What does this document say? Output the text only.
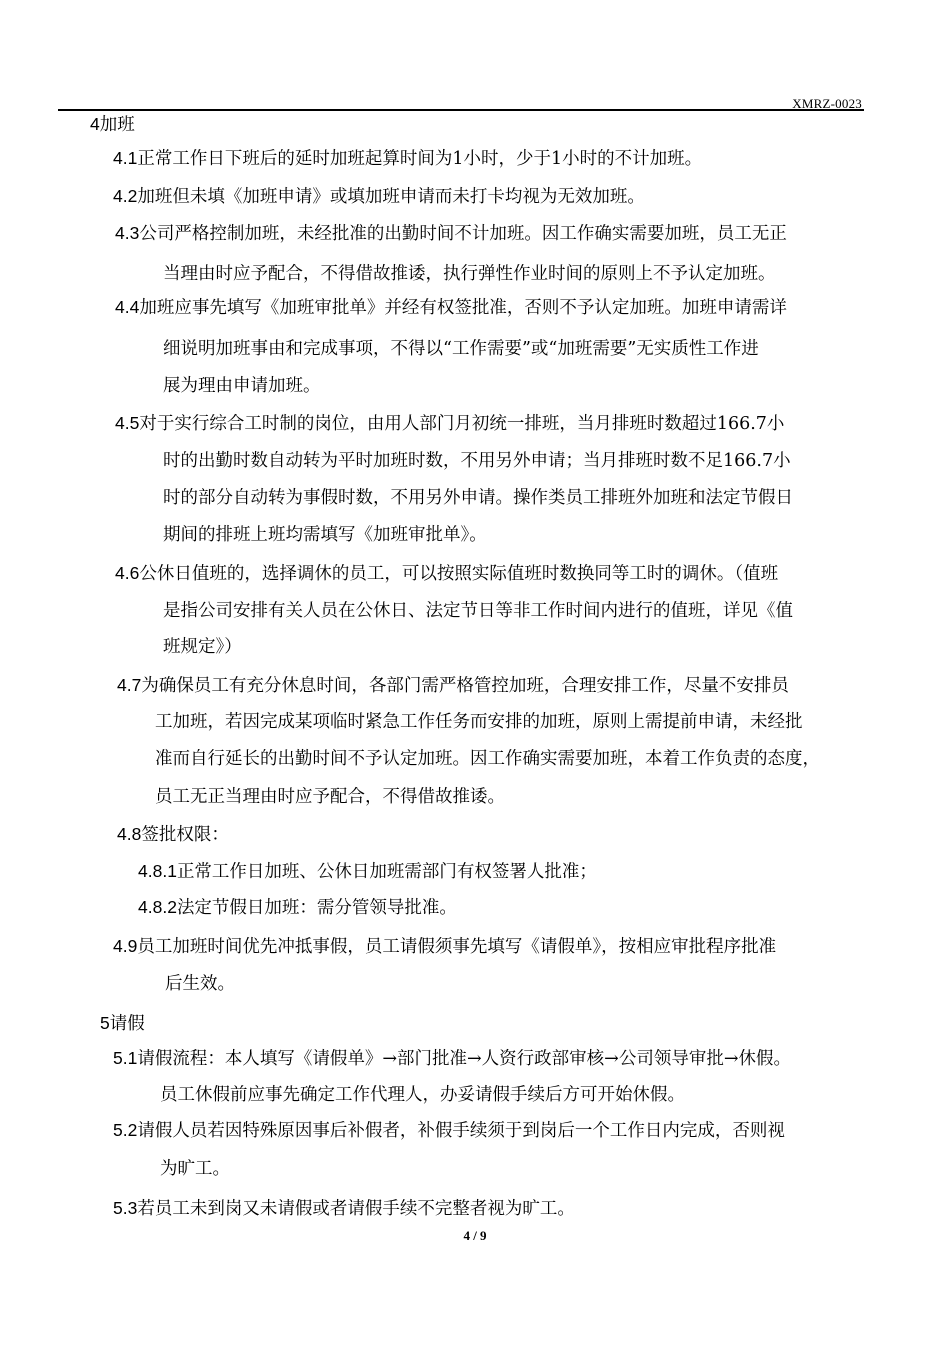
XMRZ-0023
4加班
4.1正常工作日下班后的延时加班起算时间为1小时，少于1小时的不计加班。
4.2加班但未填《加班申请》或填加班申请而未打卡均视为无效加班。
4.3公司严格控制加班，未经批准的出勤时间不计加班。因工作确实需要加班，员工无正
当理由时应予配合，不得借故推诿，执行弹性作业时间的原则上不予认定加班。
4.4加班应事先填写《加班审批单》并经有权签批准，否则不予认定加班。加班申请需详
细说明加班事由和完成事项，不得以“工作需要”或“加班需要”无实质性工作进
展为理由申请加班。
4.5对于实行综合工时制的岗位，由用人部门月初统一排班，当月排班时数超过166.7小
时的出勤时数自动转为平时加班时数，不用另外申请；当月排班时数不足166.7小
时的部分自动转为事假时数，不用另外申请。操作类员工排班外加班和法定节假日
期间的排班上班均需填写《加班审批单》。
4.6公休日值班的，选择调休的员工，可以按照实际值班时数换同等工时的调休。（值班
是指公司安排有关人员在公休日、法定节日等非工作时间内进行的值班，详见《值
班规定》）
4.7为确保员工有充分休息时间，各部门需严格管控加班，合理安排工作，尽量不安排员
工加班，若因完成某项临时紧急工作任务而安排的加班，原则上需提前申请，未经批
准而自行延长的出勤时间不予认定加班。因工作确实需要加班，本着工作负责的态度，
员工无正当理由时应予配合，不得借故推诿。
4.8签批权限：
4.8.1正常工作日加班、公休日加班需部门有权签署人批准；
4.8.2法定节假日加班：需分管领导批准。
4.9员工加班时间优先冲抵事假，员工请假须事先填写《请假单》，按相应审批程序批准
后生效。
5请假
5.1请假流程：本人填写《请假单》→部门批准→人资行政部审核→公司领导审批→休假。
员工休假前应事先确定工作代理人，办妥请假手续后方可开始休假。
5.2请假人员若因特殊原因事后补假者，补假手续须于到岗后一个工作日内完成，否则视
为旷工。
5.3若员工未到岗又未请假或者请假手续不完整者视为旷工。
4 / 9
